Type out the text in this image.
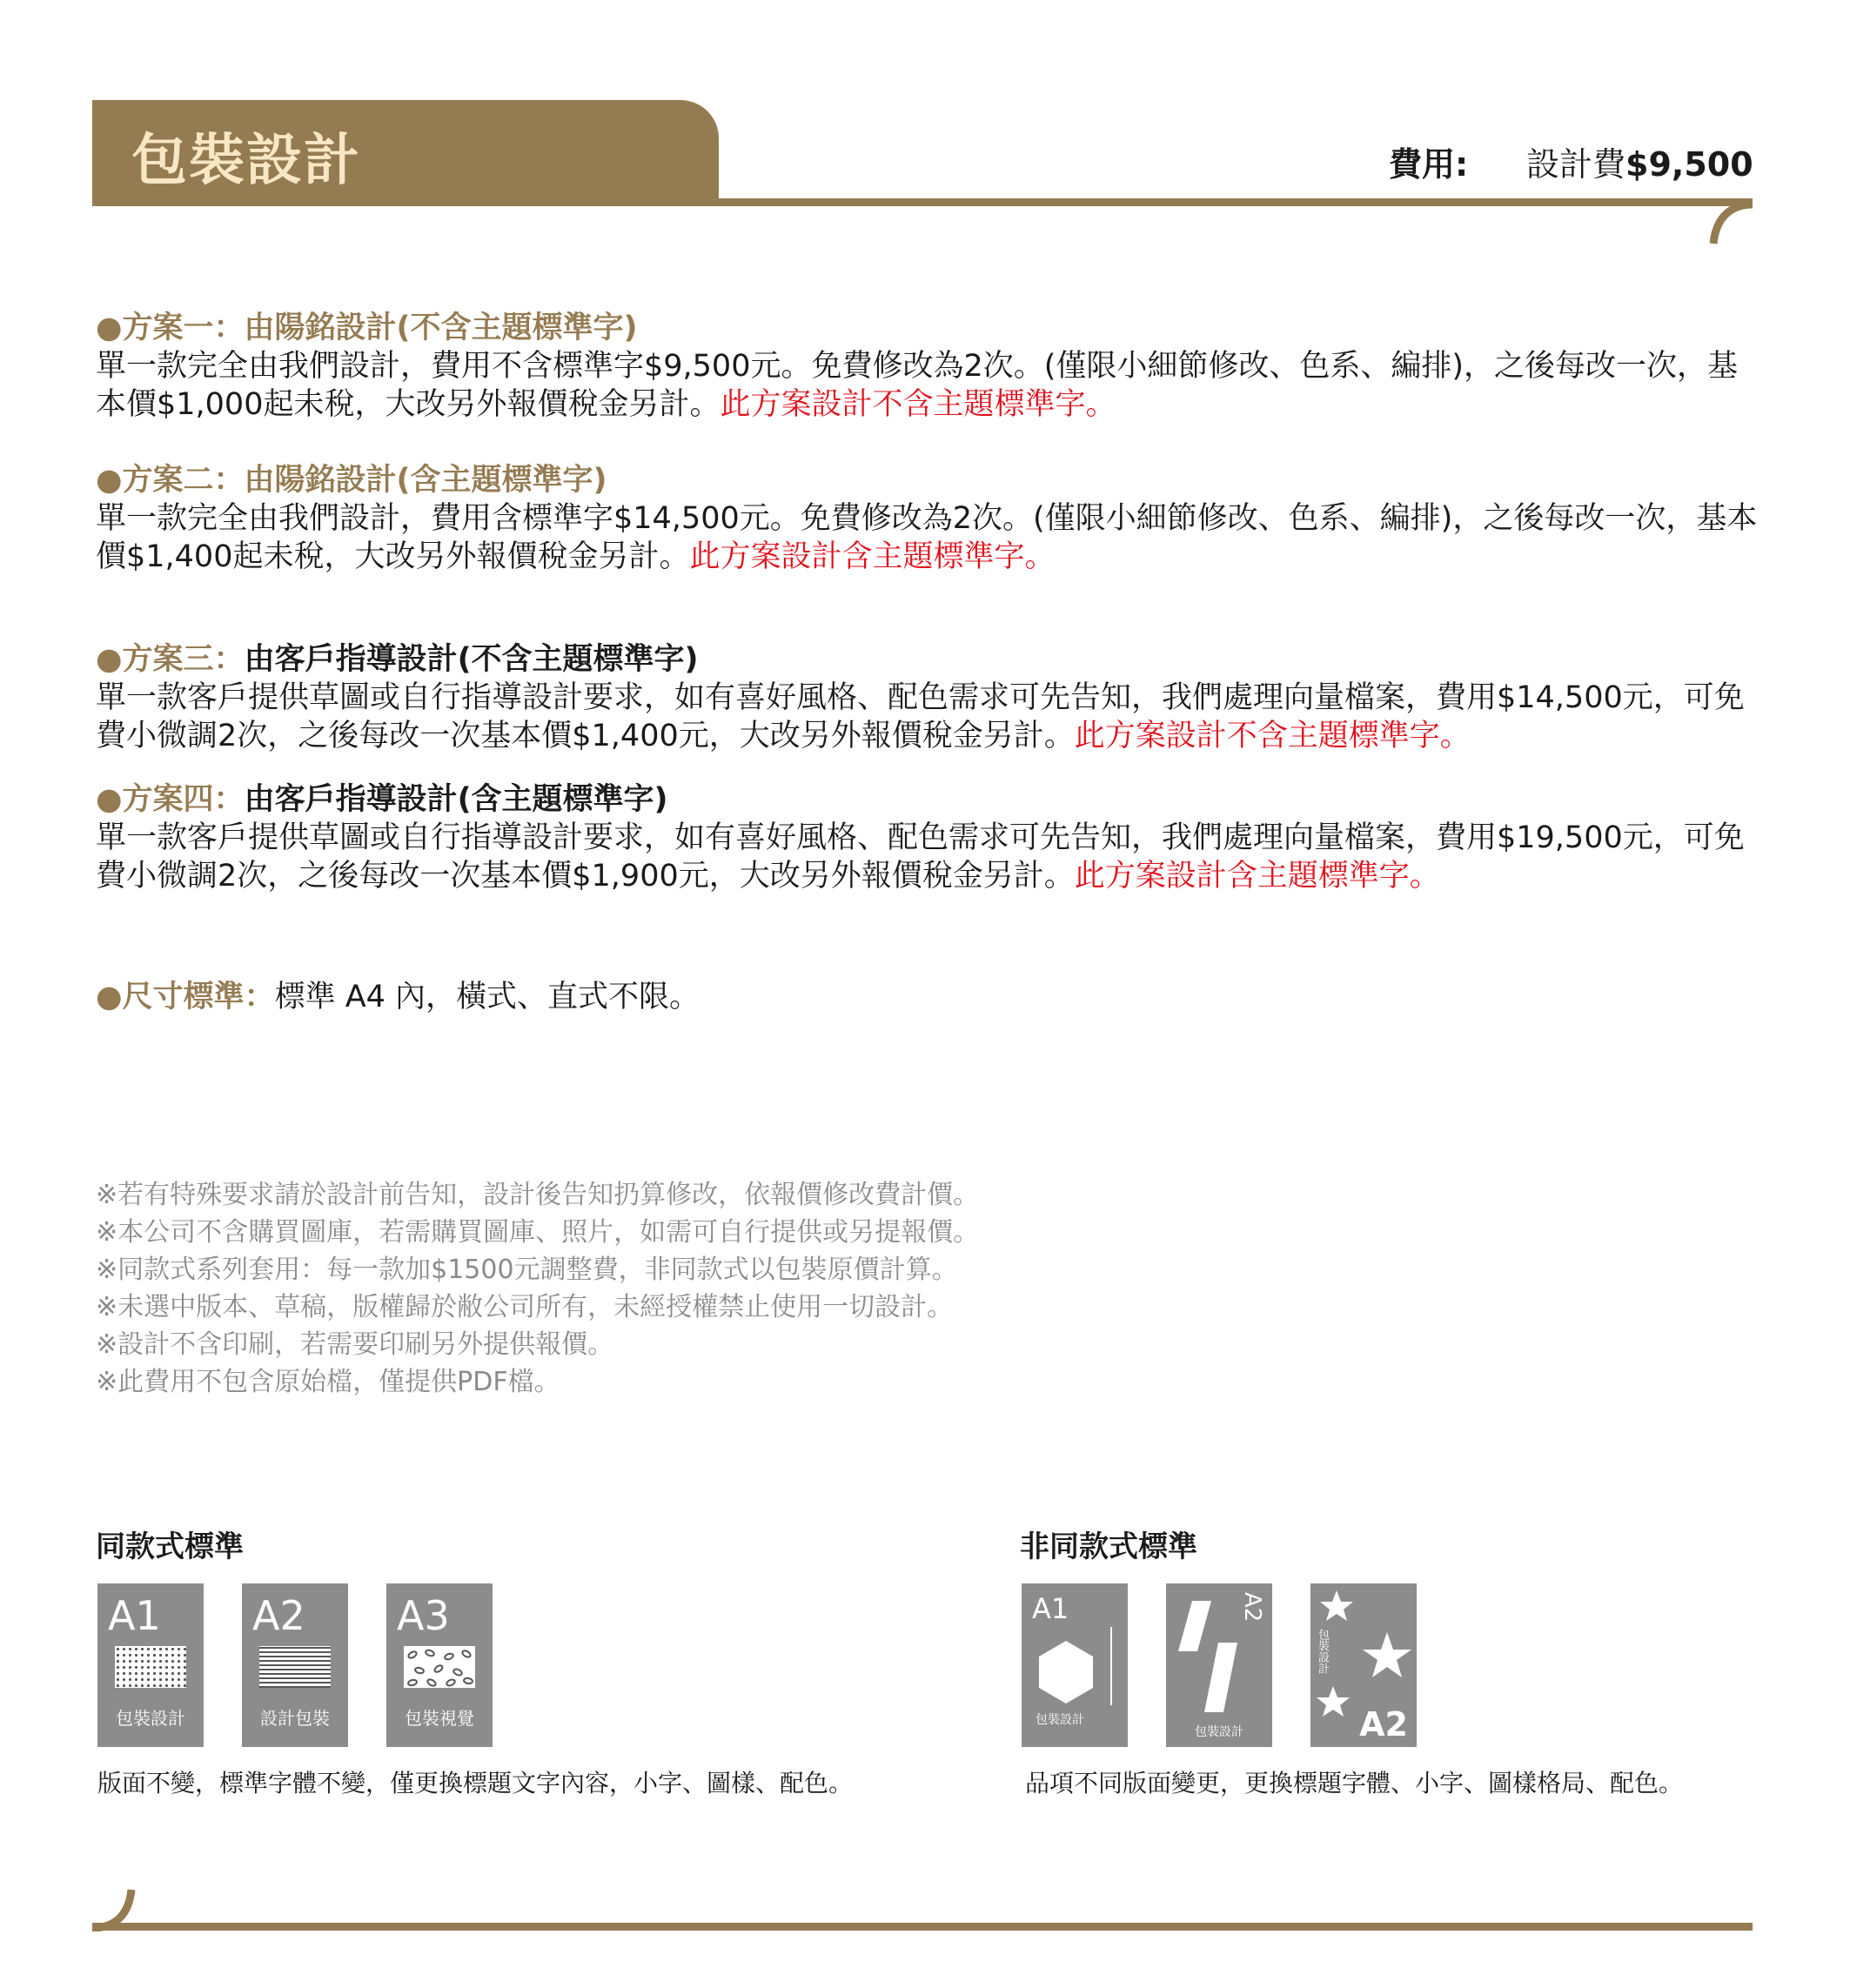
包裝設計	費用: 設計費$9,500
●方案一：由陽銘設計(不含主題標準字)
單一款完全由我們設計，費用不含標準字$9,500元。免費修改為2次。(僅限小細節修改、色系、編排)，之後每改一次，基本價$1,000起未稅，大改另外報價稅金另計。此方案設計不含主題標準字。
●方案二：由陽銘設計(含主題標準字)
單一款完全由我們設計，費用含標準字$14,500元。免費修改為2次。(僅限小細節修改、色系、編排)，之後每改一次，基本價$1,400起未稅，大改另外報價稅金另計。此方案設計含主題標準字。
●方案三：由客戶指導設計(不含主題標準字)
單一款客戶提供草圖或自行指導設計要求，如有喜好風格、配色需求可先告知，我們處理向量檔案，費用$14,500元，可免費小微調2次，之後每改一次基本價$1,400元，大改另外報價稅金另計。此方案設計不含主題標準字。
●方案四：由客戶指導設計(含主題標準字)
單一款客戶提供草圖或自行指導設計要求，如有喜好風格、配色需求可先告知，我們處理向量檔案，費用$19,500元，可免費小微調2次，之後每改一次基本價$1,900元，大改另外報價稅金另計。此方案設計含主題標準字。
●尺寸標準：標準 A4 內，橫式、直式不限。
※若有特殊要求請於設計前告知，設計後告知扔算修改，依報價修改費計價。
※本公司不含購買圖庫，若需購買圖庫、照片，如需可自行提供或另提報價。
※同款式系列套用：每一款加$1500元調整費，非同款式以包裝原價計算。
※未選中版本、草稿，版權歸於敝公司所有，未經授權禁止使用一切設計。
※設計不含印刷，若需要印刷另外提供報價。
※此費用不包含原始檔，僅提供PDF檔。
同款式標準
A1
包裝設計
A2
設計包裝
A3
包裝視覺
版面不變，標準字體不變，僅更換標題文字內容，小字、圖樣、配色。
非同款式標準
A1
包裝設計
A2
包裝設計
包裝設計
A2
品項不同版面變更，更換標題字體、小字、圖樣格局、配色。
